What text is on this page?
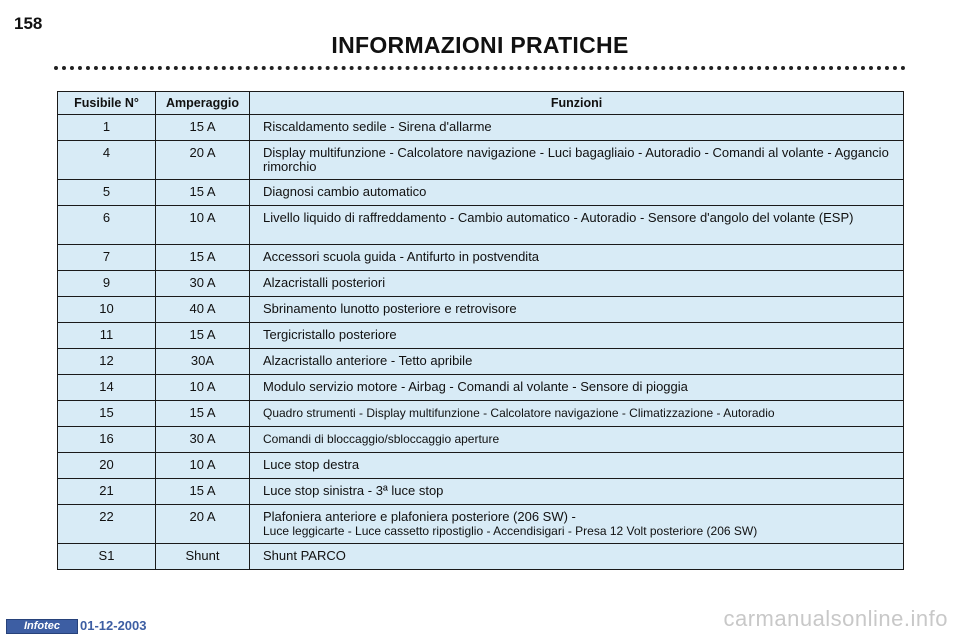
158
INFORMAZIONI PRATICHE
Fusibile N°	Amperaggio	Funzioni
1	15 A	Riscaldamento sedile - Sirena d'allarme
4	20 A	Display multifunzione - Calcolatore navigazione - Luci bagagliaio - Autoradio - Comandi al volante - Aggancio rimorchio
5	15 A	Diagnosi cambio automatico
6	10 A	Livello liquido di raffreddamento - Cambio automatico - Autoradio - Sensore d'angolo del volante (ESP)
7	15 A	Accessori scuola guida - Antifurto in postvendita
9	30 A	Alzacristalli posteriori
10	40 A	Sbrinamento lunotto posteriore e retrovisore
11	15 A	Tergicristallo posteriore
12	30A	Alzacristallo anteriore - Tetto apribile
14	10 A	Modulo servizio motore - Airbag - Comandi al volante - Sensore di pioggia
15	15 A	Quadro strumenti - Display multifunzione - Calcolatore navigazione - Climatizzazione - Autoradio
16	30 A	Comandi di bloccaggio/sbloccaggio aperture
20	10 A	Luce stop destra
21	15 A	Luce stop sinistra - 3ª luce stop
22	20 A	Plafoniera anteriore e plafoniera posteriore (206 SW) -
Luce leggicarte - Luce cassetto ripostiglio - Accendisigari - Presa 12 Volt posteriore (206 SW)
S1	Shunt	Shunt PARCO
Infotec	01-12-2003	carmanualsonline.info
